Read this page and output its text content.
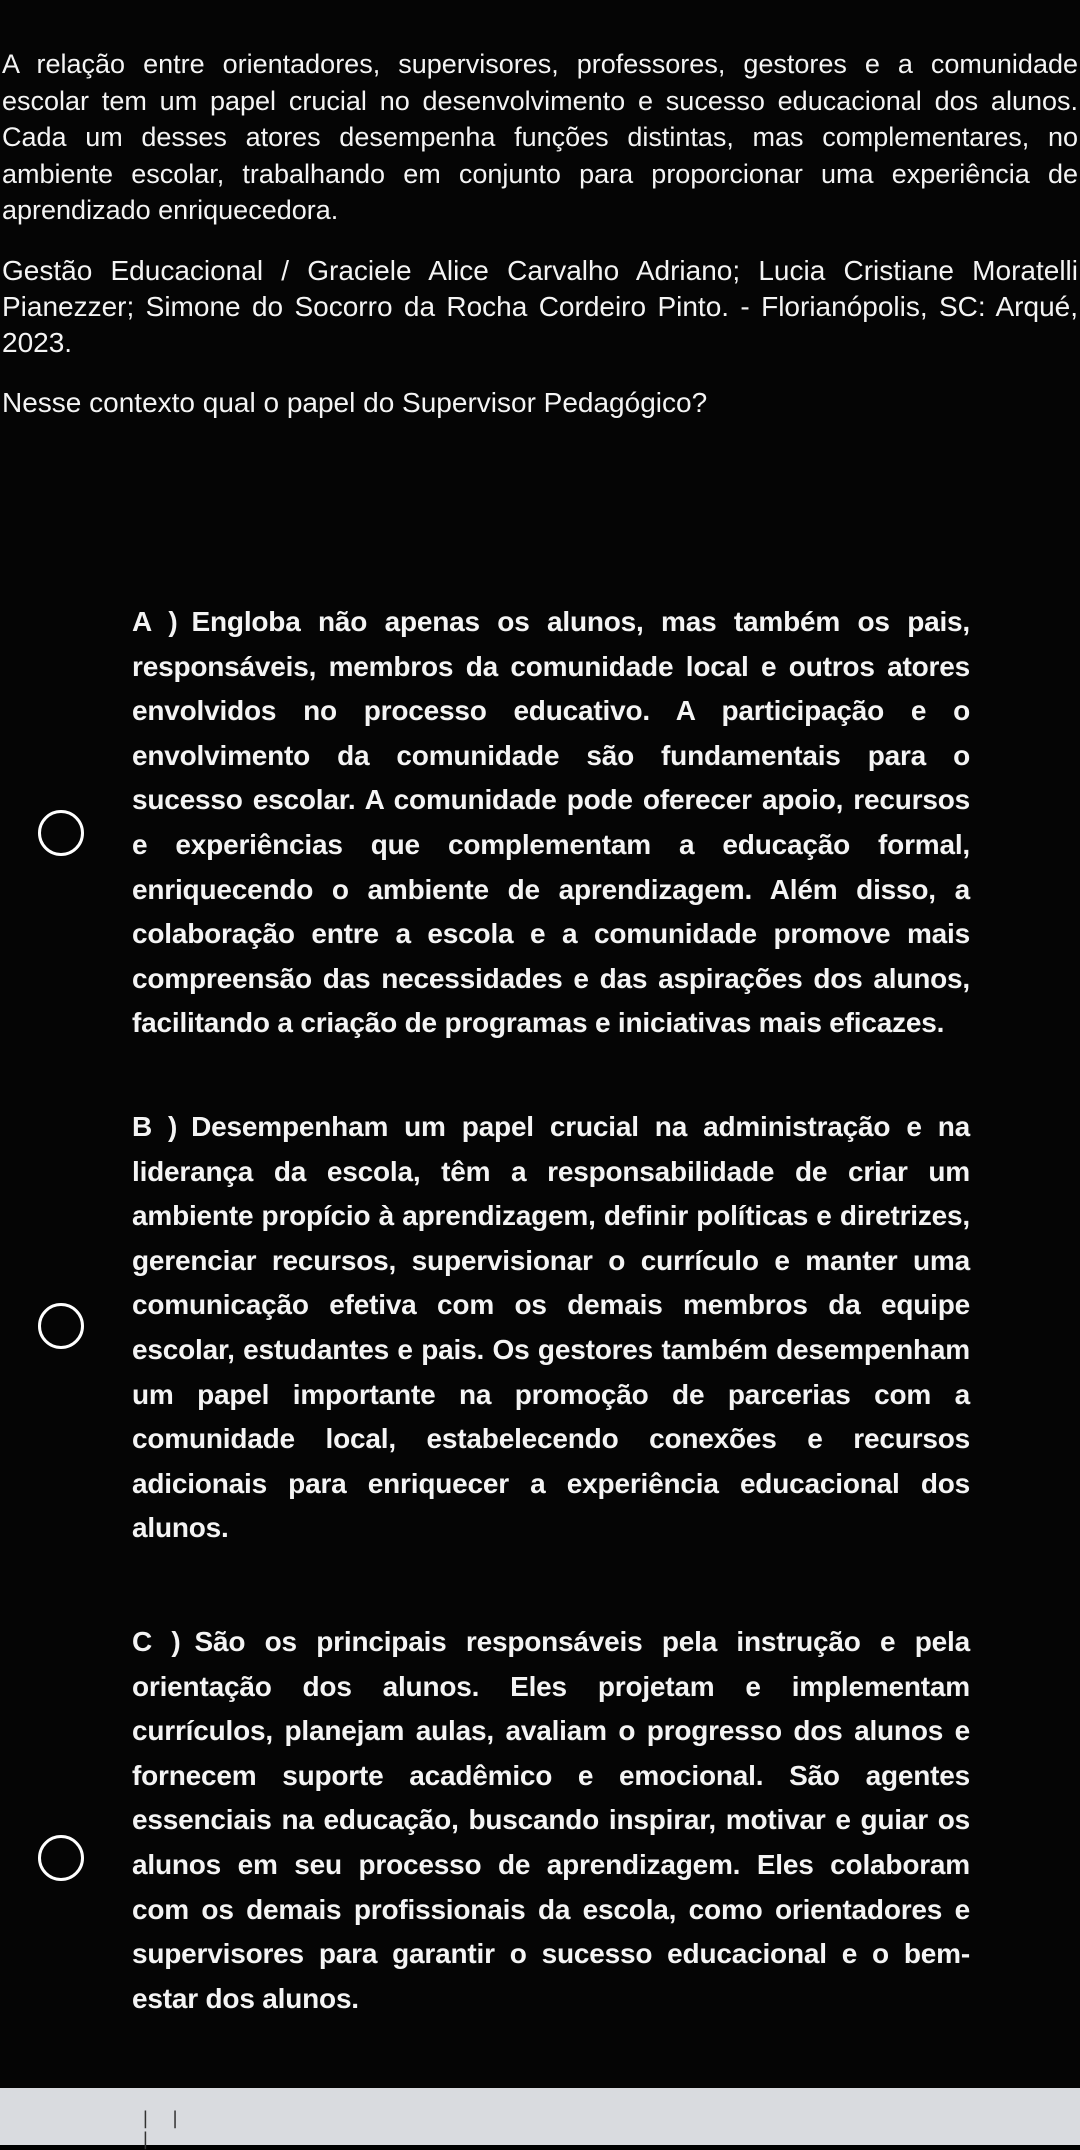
A relação entre orientadores, supervisores, professores, gestores e a comunidade escolar tem um papel crucial no desenvolvimento e sucesso educacional dos alunos. Cada um desses atores desempenha funções distintas, mas complementares, no ambiente escolar, trabalhando em conjunto para proporcionar uma experiência de aprendizado enriquecedora.
Gestão Educacional / Graciele Alice Carvalho Adriano; Lucia Cristiane Moratelli Pianezzer; Simone do Socorro da Rocha Cordeiro Pinto. - Florianópolis, SC: Arqué, 2023.
Nesse contexto qual o papel do Supervisor Pedagógico?
A ) Engloba não apenas os alunos, mas também os pais, responsáveis, membros da comunidade local e outros atores envolvidos no processo educativo. A participação e o envolvimento da comunidade são fundamentais para o sucesso escolar. A comunidade pode oferecer apoio, recursos e experiências que complementam a educação formal, enriquecendo o ambiente de aprendizagem. Além disso, a colaboração entre a escola e a comunidade promove mais compreensão das necessidades e das aspirações dos alunos, facilitando a criação de programas e iniciativas mais eficazes.
B ) Desempenham um papel crucial na administração e na liderança da escola, têm a responsabilidade de criar um ambiente propício à aprendizagem, definir políticas e diretrizes, gerenciar recursos, supervisionar o currículo e manter uma comunicação efetiva com os demais membros da equipe escolar, estudantes e pais. Os gestores também desempenham um papel importante na promoção de parcerias com a comunidade local, estabelecendo conexões e recursos adicionais para enriquecer a experiência educacional dos alunos.
C ) São os principais responsáveis pela instrução e pela orientação dos alunos. Eles projetam e implementam currículos, planejam aulas, avaliam o progresso dos alunos e fornecem suporte acadêmico e emocional. São agentes essenciais na educação, buscando inspirar, motivar e guiar os alunos em seu processo de aprendizagem. Eles colaboram com os demais profissionais da escola, como orientadores e supervisores para garantir o sucesso educacional e o bem-estar dos alunos.
| | |
